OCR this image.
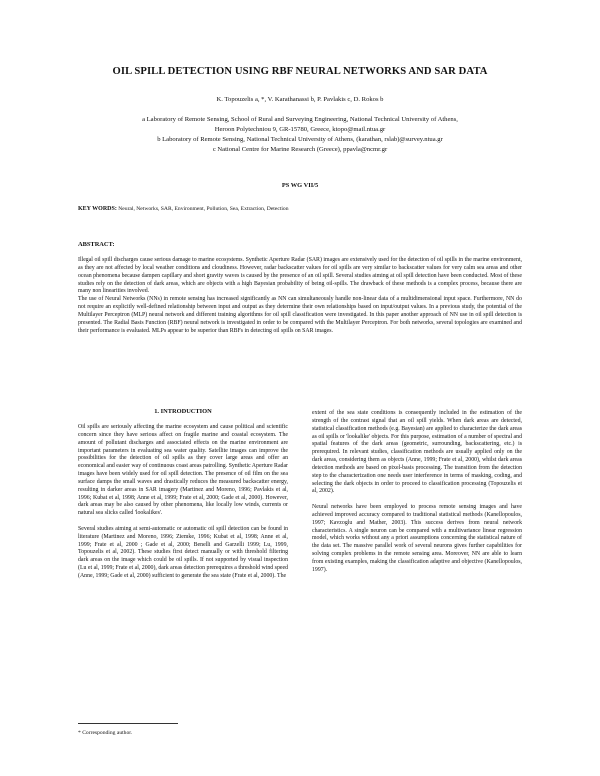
OIL SPILL DETECTION USING RBF NEURAL NETWORKS AND SAR DATA
K. Topouzelis a, *, V. Karathanassi b, P. Pavlakis c, D. Rokos b
a Laboratory of Remote Sensing, School of Rural and Surveying Engineering, National Technical University of Athens,
Heroon Polytechniou 9, GR-15780, Greece, ktopo@mail.ntua.gr
b Laboratory of Remote Sensing, National Technical University of Athens, (karathan, rslab)@survey.ntua.gr
c National Centre for Marine Research (Greece), ppavla@ncmr.gr
PS WG VII/5
KEY WORDS: Neural, Networks, SAR, Environment, Pollution, Sea, Extraction, Detection
ABSTRACT:

Illegal oil spill discharges cause serious damage to marine ecosystems. Synthetic Aperture Radar (SAR) images are extensively used for the detection of oil spills in the marine environment, as they are not affected by local weather conditions and cloudiness. However, radar backscatter values for oil spills are very similar to backscatter values for very calm sea areas and other ocean phenomena because dampen capillary and short gravity waves is caused by the presence of an oil spill. Several studies aiming at oil spill detection have been conducted. Most of these studies rely on the detection of dark areas, which are objects with a high Bayesian probability of being oil-spills. The drawback of these methods is a complex process, because there are many non linearities involved.

The use of Neural Networks (NNs) in remote sensing has increased significantly as NN can simultaneously handle non-linear data of a multidimensional input space. Furthermore, NN do not require an explicitly well-defined relationship between input and output as they determine their own relationships based on input/output values. In a previous study, the potential of the Multilayer Perceptron (MLP) neural network and different training algorithms for oil spill classification were investigated. In this paper another approach of NN use in oil spill detection is presented. The Radial Basis Function (RBF) neural network is investigated in order to be compared with the Multilayer Perceptron. For both networks, several topologies are examined and their performance is evaluated. MLPs appear to be superior than RBFs in detecting oil spills on SAR images.

1. INTRODUCTION

Oil spills are seriously affecting the marine ecosystem and cause political and scientific concern since they have serious affect on fragile marine and coastal ecosystem. The amount of pollutant discharges and associated effects on the marine environment are important parameters in evaluating sea water quality. Satellite images can improve the possibilities for the detection of oil spills as they cover large areas and offer an economical and easier way of continuous coast areas patrolling. Synthetic Aperture Radar images have been widely used for oil spill detection. The presence of oil film on the sea surface damps the small waves and drastically reduces the measured backscatter energy, resulting in darker areas in SAR imagery (Martinez and Moreno, 1996; Pavlakis et al, 1996; Kubat et al, 1998; Anne et al, 1999; Frate et al, 2000; Gade et al, 2000). However, dark areas may be also caused by other phenomena, like locally low winds, currents or natural sea slicks called 'lookalikes'.

Several studies aiming at semi-automatic or automatic oil spill detection can be found in literature (Martinez and Moreno, 1996; Ziemke, 1996; Kubat et al, 1998; Anne et al, 1999; Frate et al, 2000 ; Gade et al, 2000; Benelli and Garzelli 1999; Lu, 1999, Topouzelis et al, 2002). These studies first detect manually or with threshold filtering dark areas on the image which could be oil spills. If not supported by visual inspection (Lu et al, 1999; Frate et al, 2000), dark areas detection prerequires a threshold wind speed (Anne, 1999; Gade et al, 2000) sufficient to generate the sea state (Frate et al, 2000). The

extent of the sea state conditions is consequently included in the estimation of the strength of the contrast signal that an oil spill yields. When dark areas are detected, statistical classification methods (e.g. Bayesian) are applied to characterize the dark areas as oil spills or 'lookalike' objects. For this purpose, estimation of a number of spectral and spatial features of the dark areas (geometric, surrounding, backscattering, etc.) is prerequired. In relevant studies, classification methods are usually applied only on the dark areas, considering them as objects (Anne, 1999; Frate et al, 2000), whilst dark areas detection methods are based on pixel-basis processing. The transition from the detection step to the characterization one needs user interference in terms of masking, coding, and selecting the dark objects in order to proceed to classification processing (Topouzelis et al, 2002).

Neural networks have been employed to process remote sensing images and have achieved improved accuracy compared to traditional statistical methods (Kanellopoulos, 1997; Kavzoglu and Mather, 2003). This success derives from neural network characteristics. A single neuron can be compared with a multivariance linear regression model, which works without any a priori assumptions concerning the statistical nature of the data set. The massive parallel work of several neurons gives further capabilities for solving complex problems in the remote sensing area. Moreover, NN are able to learn from existing examples, making the classification adaptive and objective (Kanellopoulos, 1997).

* Corresponding author.
